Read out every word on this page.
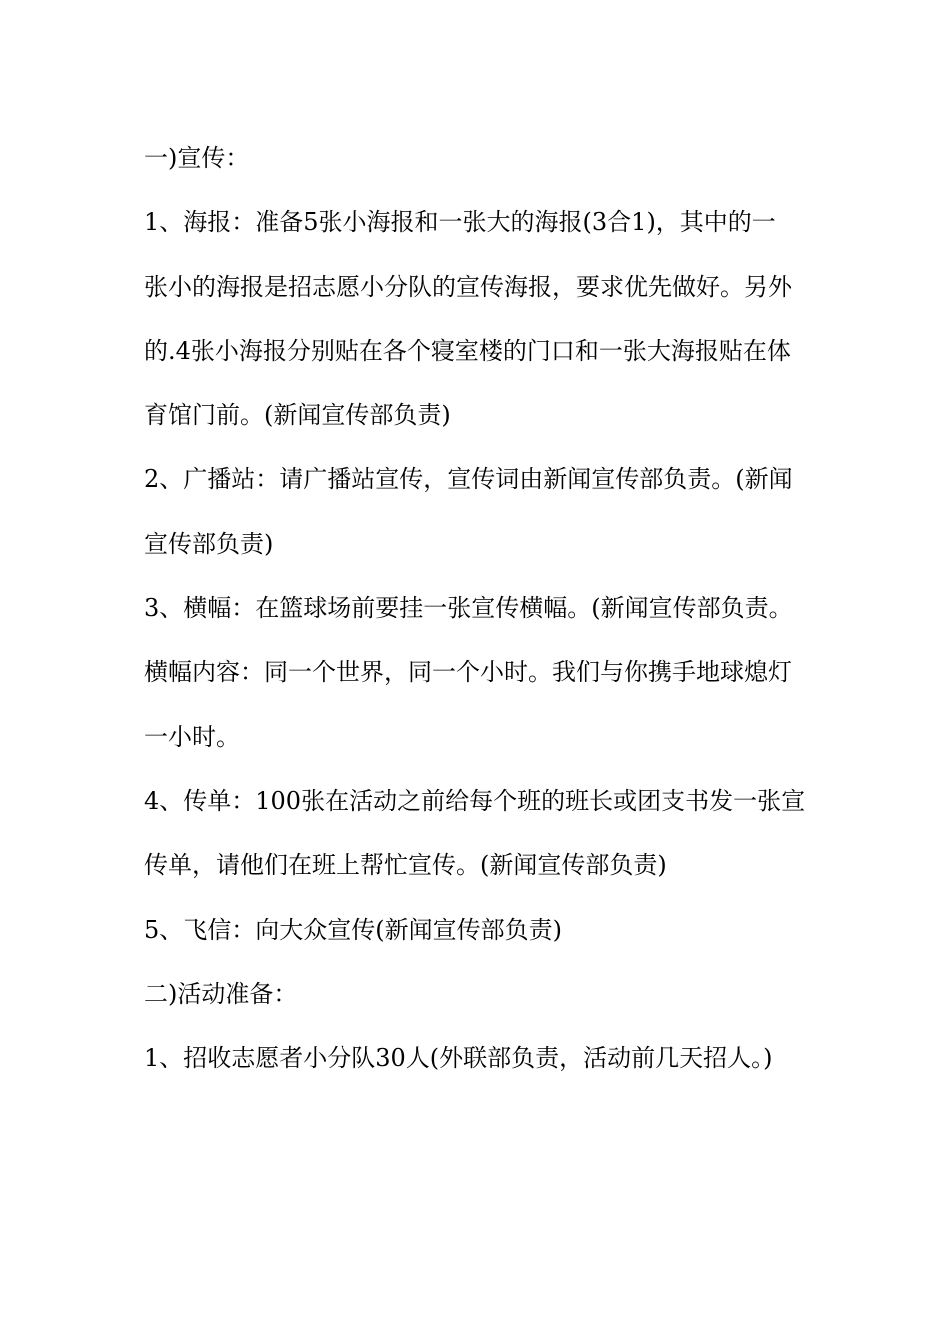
一)宣传：
1、海报：准备5张小海报和一张大的海报(3合1)，其中的一
张小的海报是招志愿小分队的宣传海报，要求优先做好。另外
的.4张小海报分别贴在各个寝室楼的门口和一张大海报贴在体
育馆门前。(新闻宣传部负责)
2、广播站：请广播站宣传，宣传词由新闻宣传部负责。(新闻
宣传部负责)
3、横幅：在篮球场前要挂一张宣传横幅。(新闻宣传部负责。
横幅内容：同一个世界，同一个小时。我们与你携手地球熄灯
一小时。
4、传单：100张在活动之前给每个班的班长或团支书发一张宣
传单，请他们在班上帮忙宣传。(新闻宣传部负责)
5、飞信：向大众宣传(新闻宣传部负责)
二)活动准备：
1、招收志愿者小分队30人(外联部负责，活动前几天招人。)
